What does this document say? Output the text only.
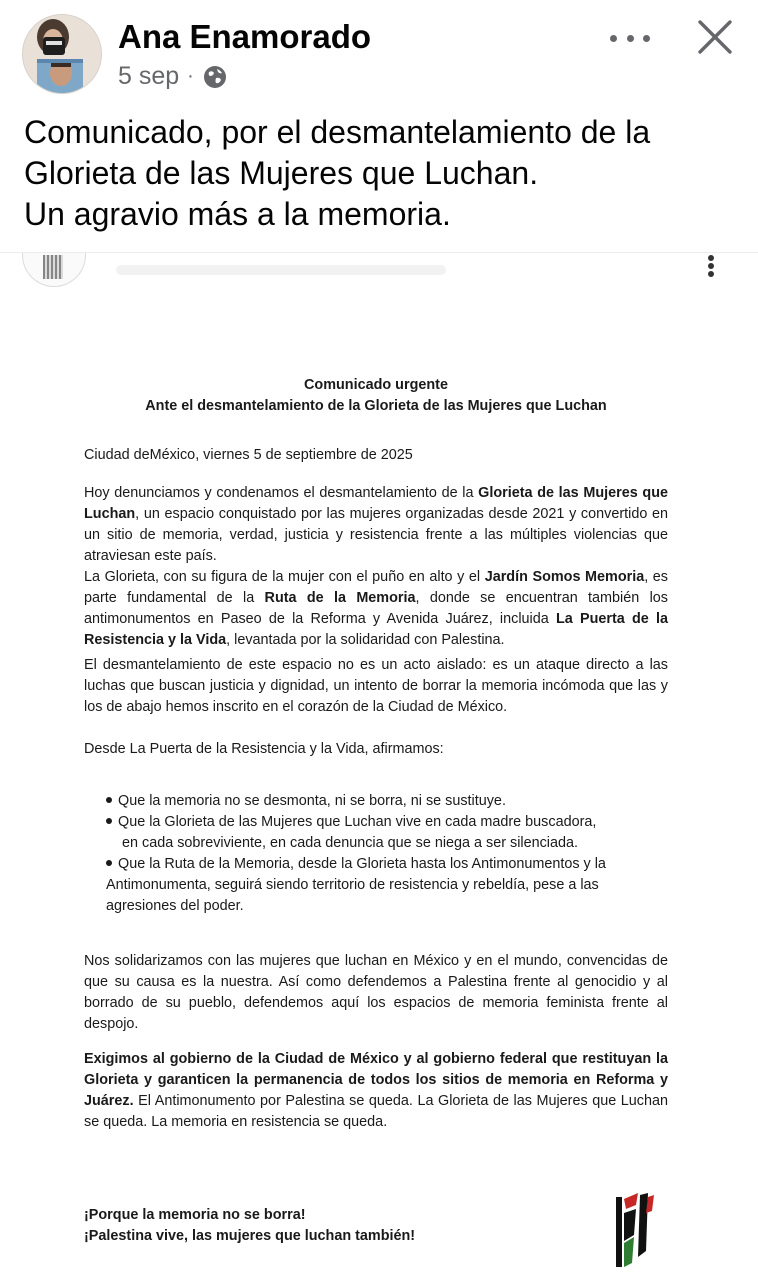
Ana Enamorado
5 sep ·

Comunicado, por el desmantelamiento de la

Glorieta de las Mujeres que Luchan.

Un agravio más a la memoria.

Comunicado urgente
Ante el desmantelamiento de la Glorieta de las Mujeres que Luchan
Ciudad deMéxico, viernes 5 de septiembre de 2025
Hoy denunciamos y condenamos el desmantelamiento de la Glorieta de las Mujeres que Luchan, un espacio conquistado por las mujeres organizadas desde 2021 y convertido en un sitio de memoria, verdad, justicia y resistencia frente a las múltiples violencias que atraviesan este país.
La Glorieta, con su figura de la mujer con el puño en alto y el Jardín Somos Memoria, es parte fundamental de la Ruta de la Memoria, donde se encuentran también los antimonumentos en Paseo de la Reforma y Avenida Juárez, incluida La Puerta de la Resistencia y la Vida, levantada por la solidaridad con Palestina.
El desmantelamiento de este espacio no es un acto aislado: es un ataque directo a las luchas que buscan justicia y dignidad, un intento de borrar la memoria incómoda que las y los de abajo hemos inscrito en el corazón de la Ciudad de México.
Desde La Puerta de la Resistencia y la Vida, afirmamos:
Que la memoria no se desmonta, ni se borra, ni se sustituye.
Que la Glorieta de las Mujeres que Luchan vive en cada madre buscadora,
en cada sobreviviente, en cada denuncia que se niega a ser silenciada.
Que la Ruta de la Memoria, desde la Glorieta hasta los Antimonumentos y la
Antimonumenta, seguirá siendo territorio de resistencia y rebeldía, pese a las
agresiones del poder.
Nos solidarizamos con las mujeres que luchan en México y en el mundo, convencidas de que su causa es la nuestra. Así como defendemos a Palestina frente al genocidio y al borrado de su pueblo, defendemos aquí los espacios de memoria feminista frente al despojo.
Exigimos al gobierno de la Ciudad de México y al gobierno federal que restituyan la Glorieta y garanticen la permanencia de todos los sitios de memoria en Reforma y Juárez. El Antimonumento por Palestina se queda. La Glorieta de las Mujeres que Luchan se queda. La memoria en resistencia se queda.
¡Porque la memoria no se borra!
¡Palestina vive, las mujeres que luchan también!
